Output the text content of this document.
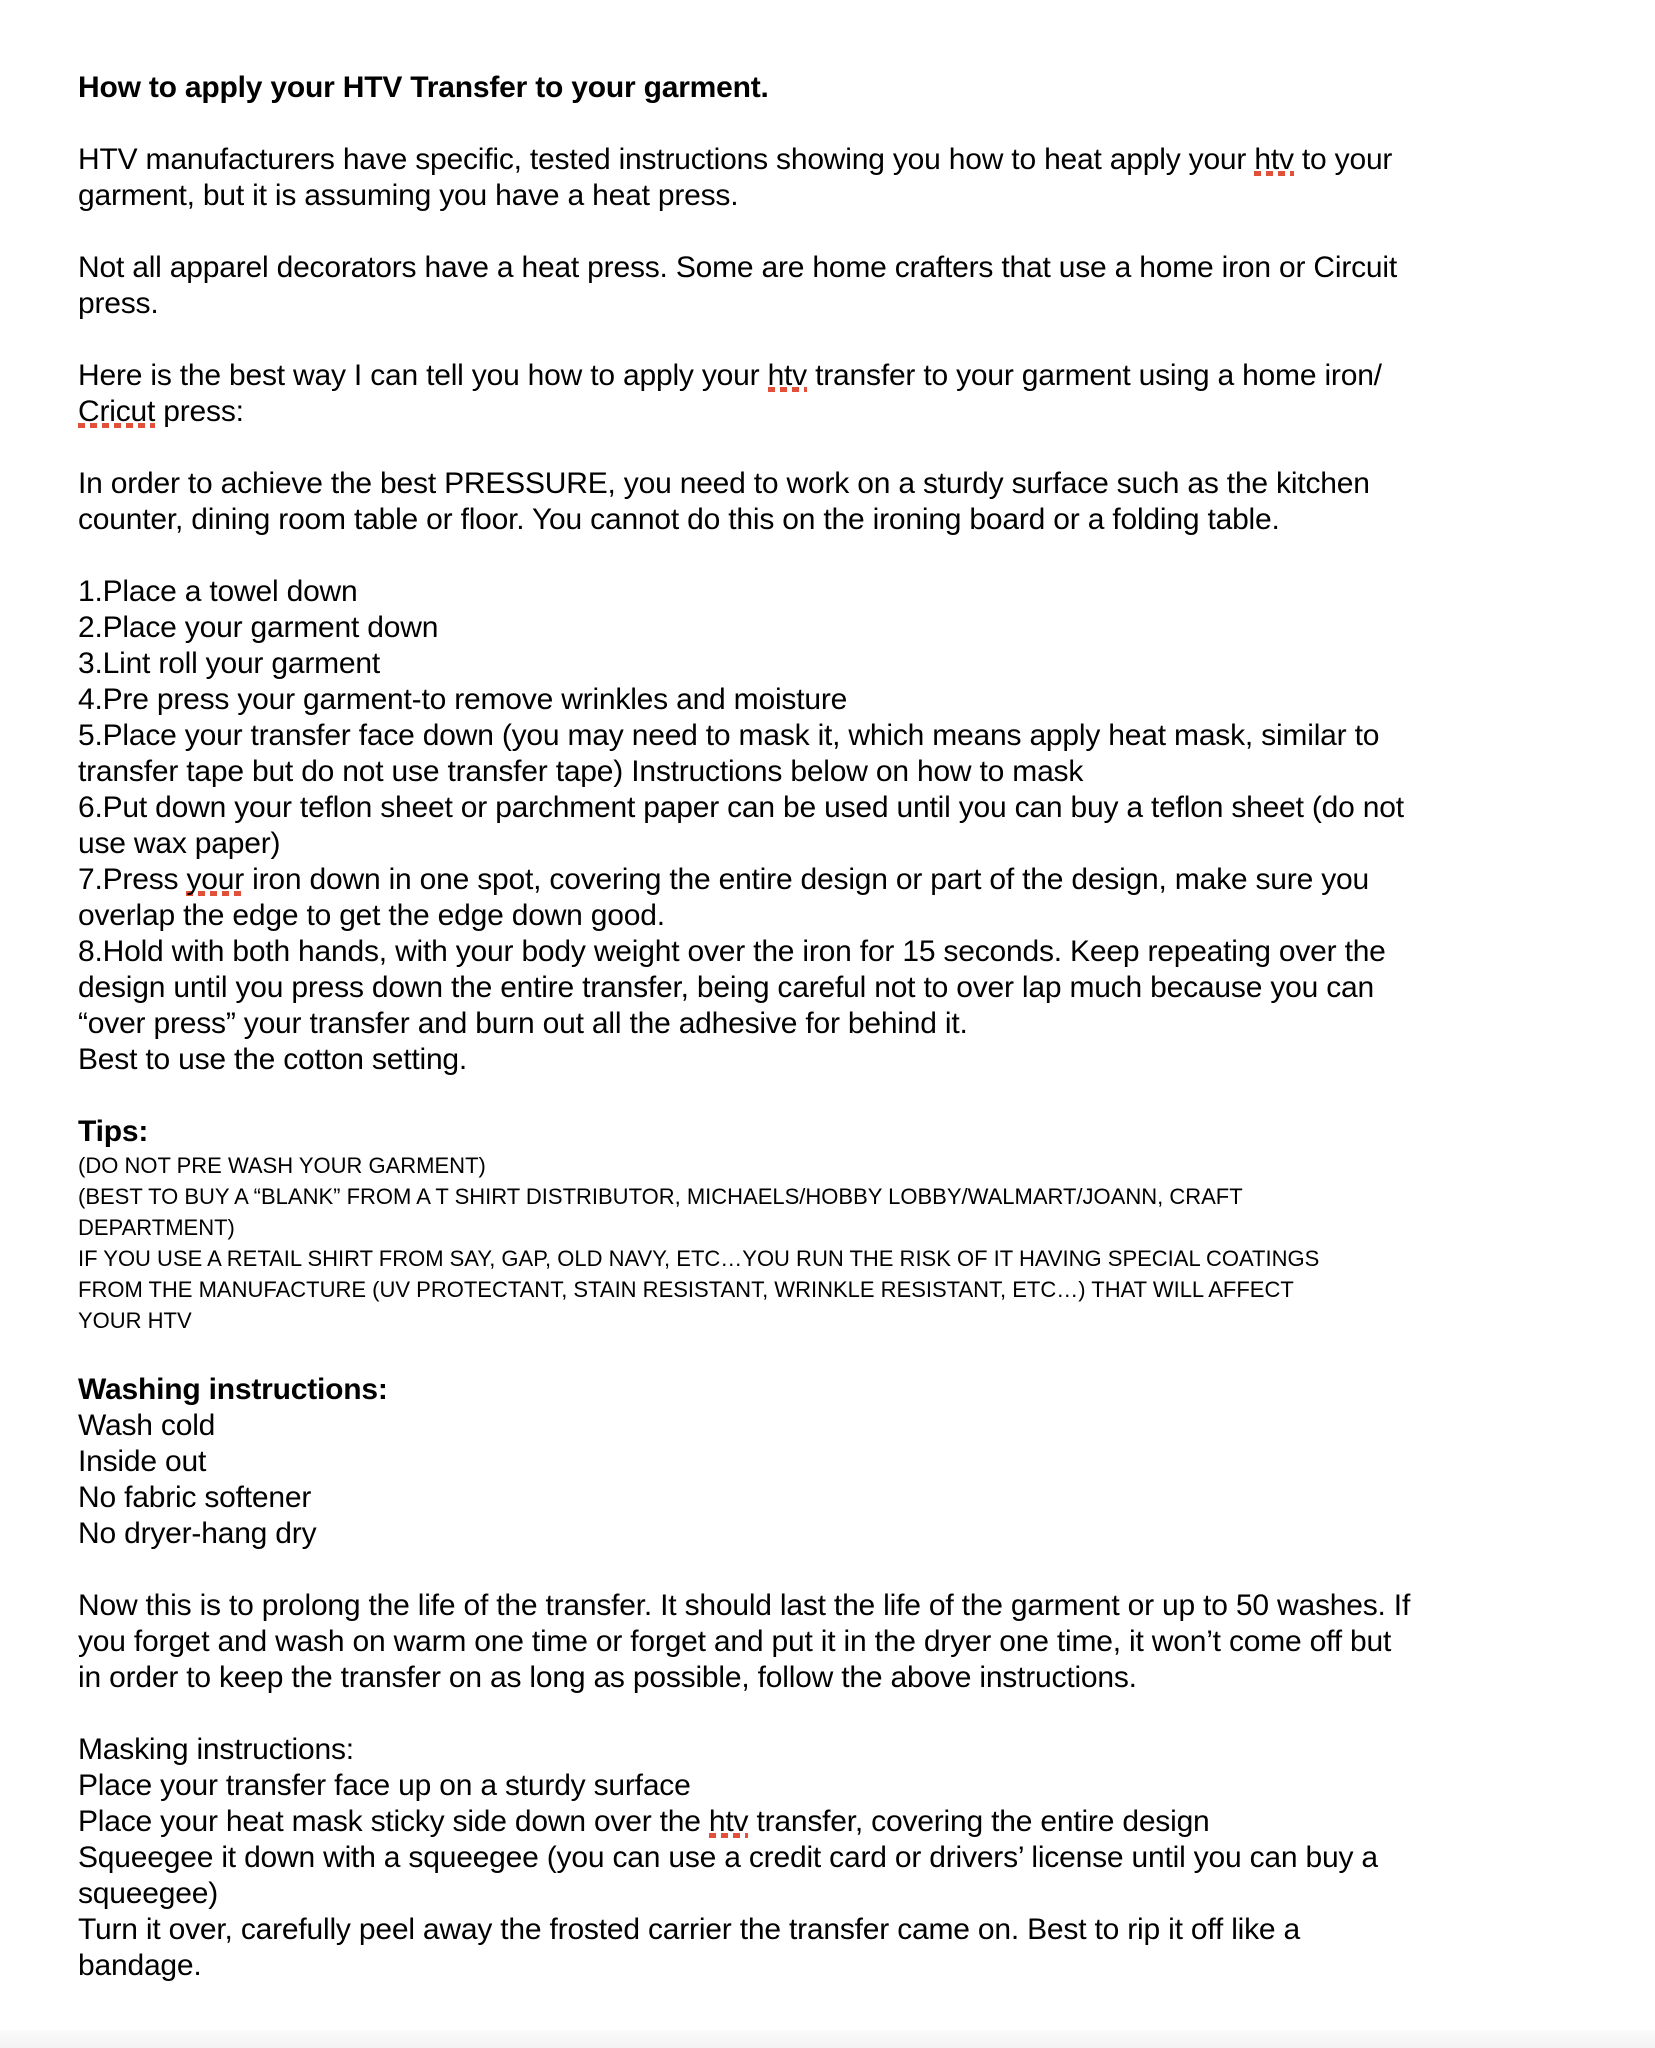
How to apply your HTV Transfer to your garment.
HTV manufacturers have specific, tested instructions showing you how to heat apply your htv to your
garment, but it is assuming you have a heat press.
Not all apparel decorators have a heat press. Some are home crafters that use a home iron or Circuit
press.
Here is the best way I can tell you how to apply your htv transfer to your garment using a home iron/
Cricut press:
In order to achieve the best PRESSURE, you need to work on a sturdy surface such as the kitchen
counter, dining room table or floor. You cannot do this on the ironing board or a folding table.
1.Place a towel down
2.Place your garment down
3.Lint roll your garment
4.Pre press your garment-to remove wrinkles and moisture
5.Place your transfer face down (you may need to mask it, which means apply heat mask, similar to
transfer tape but do not use transfer tape) Instructions below on how to mask
6.Put down your teflon sheet or parchment paper can be used until you can buy a teflon sheet (do not
use wax paper)
7.Press your iron down in one spot, covering the entire design or part of the design, make sure you
overlap the edge to get the edge down good.
8.Hold with both hands, with your body weight over the iron for 15 seconds. Keep repeating over the
design until you press down the entire transfer, being careful not to over lap much because you can
“over press” your transfer and burn out all the adhesive for behind it.
Best to use the cotton setting.
Tips:
(DO NOT PRE WASH YOUR GARMENT)
(BEST TO BUY A “BLANK” FROM A T SHIRT DISTRIBUTOR, MICHAELS/HOBBY LOBBY/WALMART/JOANN, CRAFT
DEPARTMENT)
IF YOU USE A RETAIL SHIRT FROM SAY, GAP, OLD NAVY, ETC…YOU RUN THE RISK OF IT HAVING SPECIAL COATINGS
FROM THE MANUFACTURE (UV PROTECTANT, STAIN RESISTANT, WRINKLE RESISTANT, ETC…) THAT WILL AFFECT
YOUR HTV
Washing instructions:
Wash cold
Inside out
No fabric softener
No dryer-hang dry
Now this is to prolong the life of the transfer. It should last the life of the garment or up to 50 washes. If
you forget and wash on warm one time or forget and put it in the dryer one time, it won’t come off but
in order to keep the transfer on as long as possible, follow the above instructions.
Masking instructions:
Place your transfer face up on a sturdy surface
Place your heat mask sticky side down over the htv transfer, covering the entire design
Squeegee it down with a squeegee (you can use a credit card or drivers’ license until you can buy a
squeegee)
Turn it over, carefully peel away the frosted carrier the transfer came on. Best to rip it off like a
bandage.
